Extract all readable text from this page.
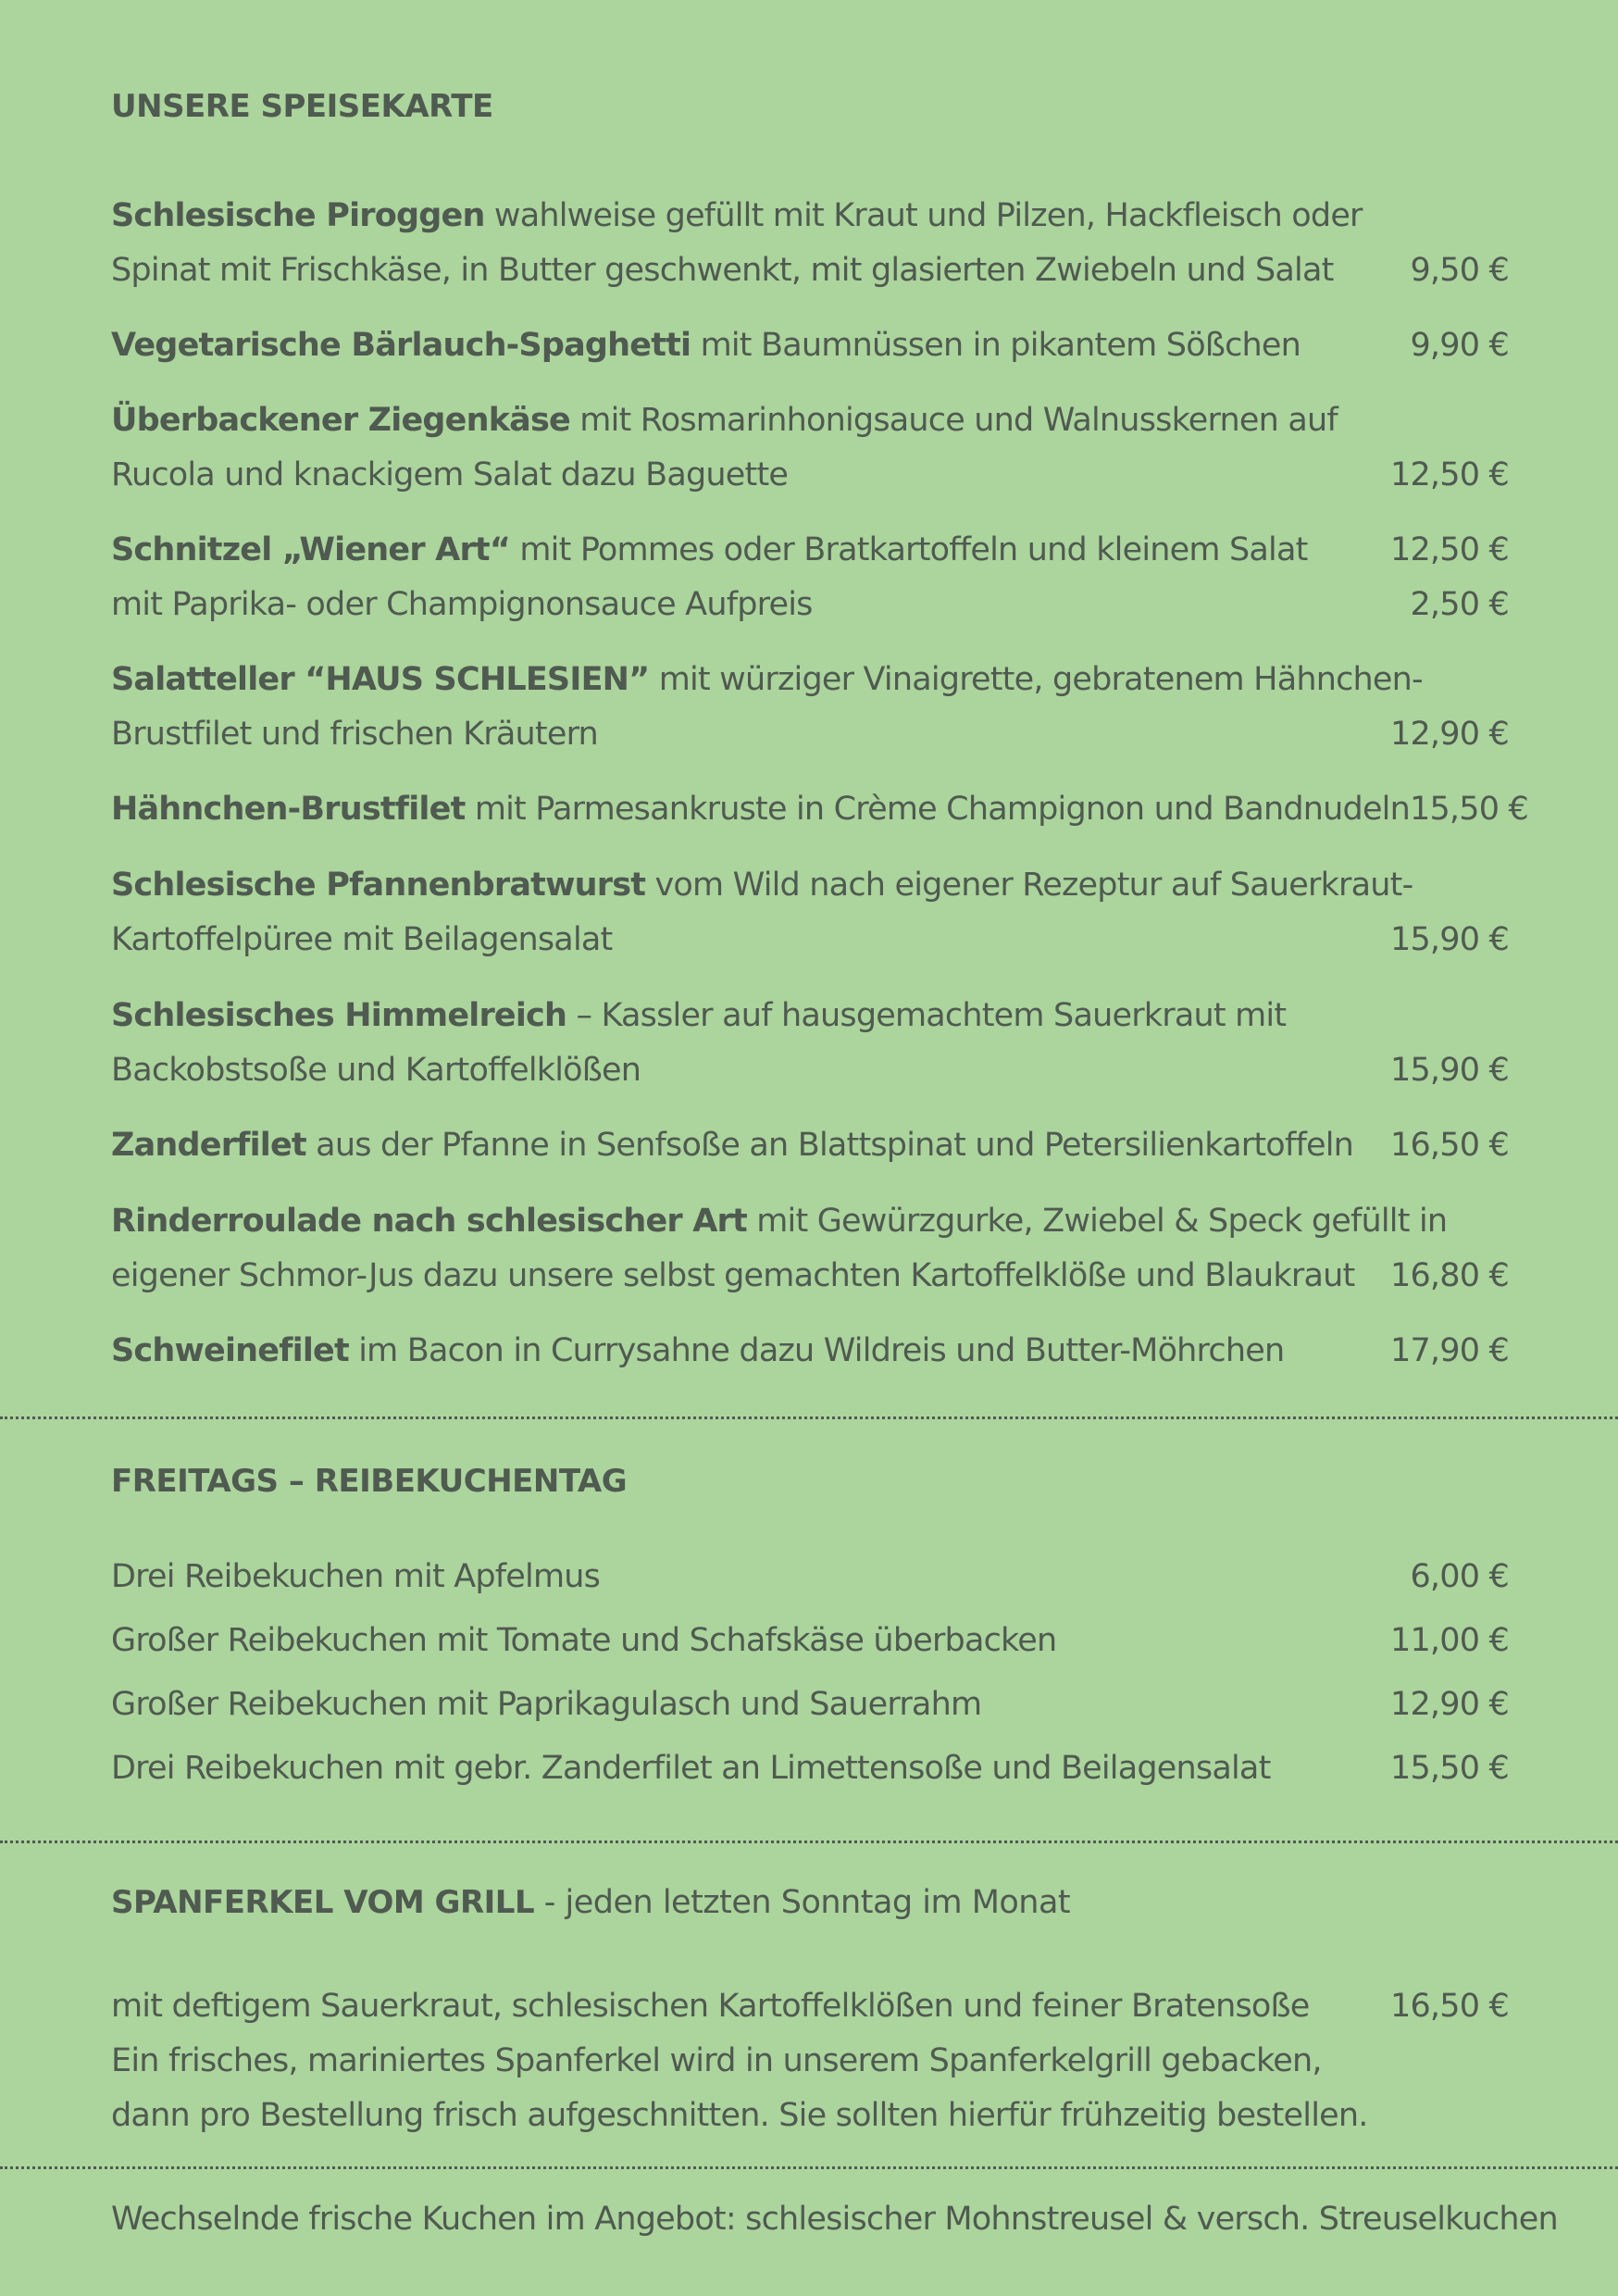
UNSERE SPEISEKARTE
Schlesische Piroggen wahlweise gefüllt mit Kraut und Pilzen, Hackfleisch oder
Spinat mit Frischkäse, in Butter geschwenkt, mit glasierten Zwiebeln und Salat	9,50 €
Vegetarische Bärlauch-Spaghetti mit Baumnüssen in pikantem Sößchen	9,90 €
Überbackener Ziegenkäse mit Rosmarinhonigsauce und Walnusskernen auf
Rucola und knackigem Salat dazu Baguette	12,50 €
Schnitzel „Wiener Art“ mit Pommes oder Bratkartoffeln und kleinem Salat	12,50 €
mit Paprika- oder Champignonsauce Aufpreis	2,50 €
Salatteller “HAUS SCHLESIEN” mit würziger Vinaigrette, gebratenem Hähnchen-
Brustfilet und frischen Kräutern	12,90 €
Hähnchen-Brustfilet mit Parmesankruste in Crème Champignon und Bandnudeln 15,50 €
Schlesische Pfannenbratwurst vom Wild nach eigener Rezeptur auf Sauerkraut-
Kartoffelpüree mit Beilagensalat	15,90 €
Schlesisches Himmelreich – Kassler auf hausgemachtem Sauerkraut mit
Backobstsoße und Kartoffelklößen	15,90 €
Zanderfilet aus der Pfanne in Senfsoße an Blattspinat und Petersilienkartoffeln	16,50 €
Rinderroulade nach schlesischer Art mit Gewürzgurke, Zwiebel & Speck gefüllt in
eigener Schmor-Jus dazu unsere selbst gemachten Kartoffelklöße und Blaukraut	16,80 €
Schweinefilet im Bacon in Currysahne dazu Wildreis und Butter-Möhrchen	17,90 €
FREITAGS – REIBEKUCHENTAG
Drei Reibekuchen mit Apfelmus	6,00 €
Großer Reibekuchen mit Tomate und Schafskäse überbacken	11,00 €
Großer Reibekuchen mit Paprikagulasch und Sauerrahm	12,90 €
Drei Reibekuchen mit gebr. Zanderfilet an Limettensoße und Beilagensalat	15,50 €
SPANFERKEL VOM GRILL - jeden letzten Sonntag im Monat
mit deftigem Sauerkraut, schlesischen Kartoffelklößen und feiner Bratensoße	16,50 €
Ein frisches, mariniertes Spanferkel wird in unserem Spanferkelgrill gebacken,
dann pro Bestellung frisch aufgeschnitten. Sie sollten hierfür frühzeitig bestellen.
Wechselnde frische Kuchen im Angebot: schlesischer Mohnstreusel & versch. Streuselkuchen
